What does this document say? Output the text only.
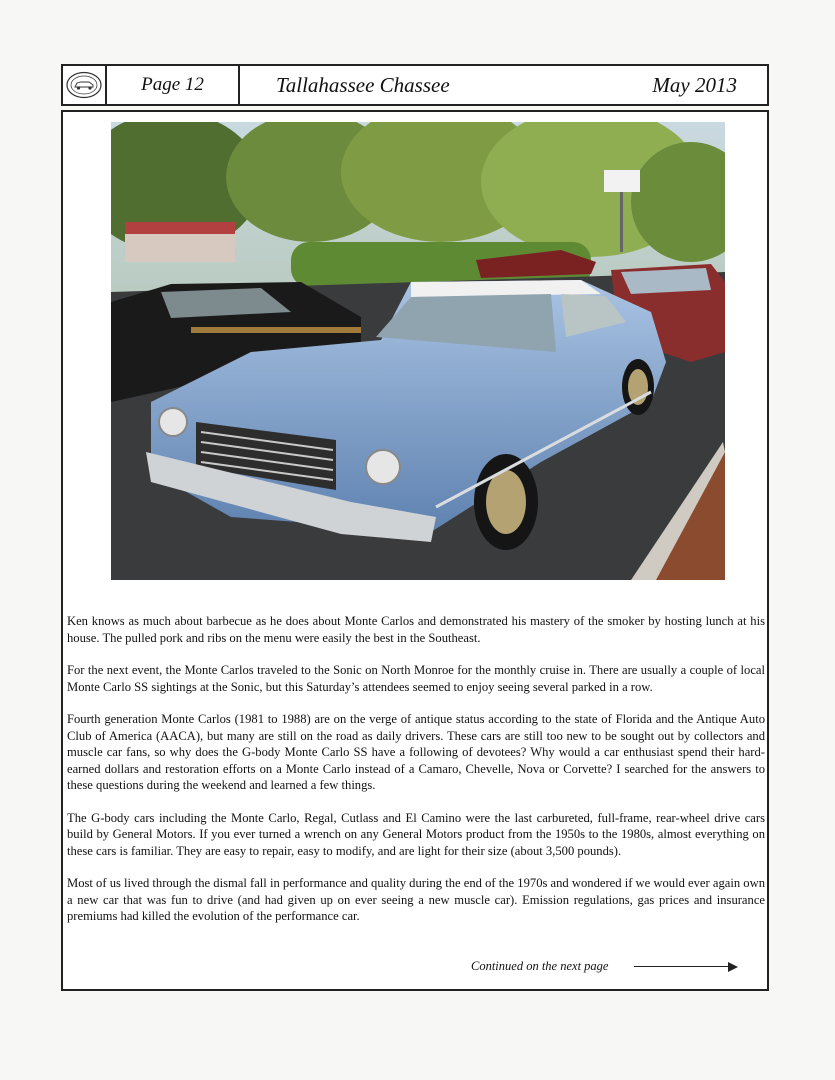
Page 12	Tallahassee Chassee	May 2013

Ken knows as much about barbecue as he does about Monte Carlos and demonstrated his mastery of the smoker by hosting lunch at his house. The pulled pork and ribs on the menu were easily the best in the Southeast.

For the next event, the Monte Carlos traveled to the Sonic on North Monroe for the monthly cruise in. There are usually a couple of local Monte Carlo SS sightings at the Sonic, but this Saturday’s attendees seemed to enjoy seeing several parked in a row.

Fourth generation Monte Carlos (1981 to 1988) are on the verge of antique status according to the state of Florida and the Antique Auto Club of America (AACA), but many are still on the road as daily drivers. These cars are still too new to be sought out by collectors and muscle car fans, so why does the G-body Monte Carlo SS have a following of devotees? Why would a car enthusiast spend their hard-earned dollars and restoration efforts on a Monte Carlo instead of a Camaro, Chevelle, Nova or Corvette? I searched for the answers to these questions during the weekend and learned a few things.

The G-body cars including the Monte Carlo, Regal, Cutlass and El Camino were the last carbureted, full-frame, rear-wheel drive cars build by General Motors. If you ever turned a wrench on any General Motors product from the 1950s to the 1980s, almost everything on these cars is familiar. They are easy to repair, easy to modify, and are light for their size (about 3,500 pounds).

Most of us lived through the dismal fall in performance and quality during the end of the 1970s and wondered if we would ever again own a new car that was fun to drive (and had given up on ever seeing a new muscle car). Emission regulations, gas prices and insurance premiums had killed the evolution of the performance car.

Continued on the next page
